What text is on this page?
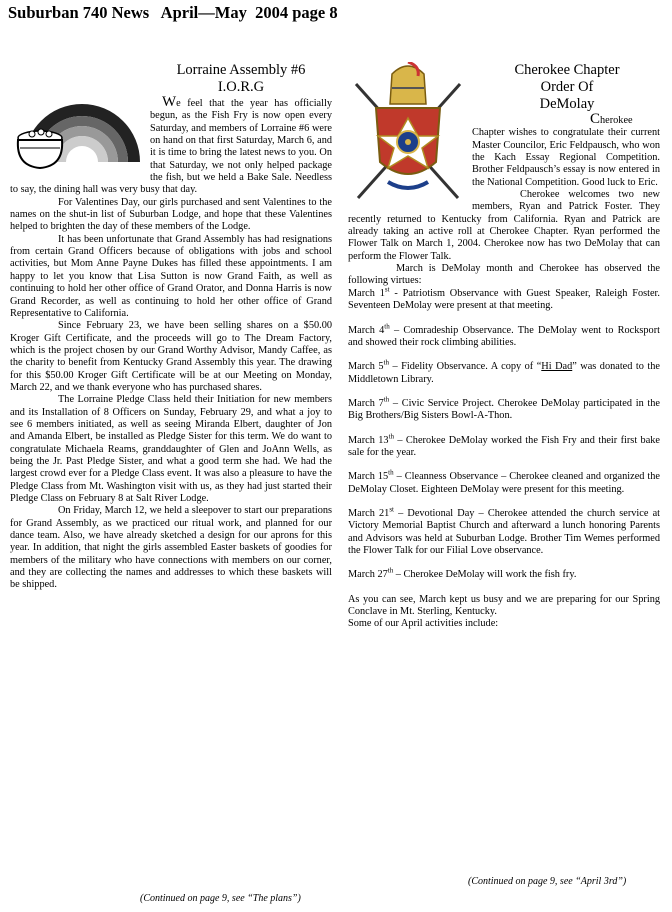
Suburban 740 News   April—May  2004 page 8
Lorraine Assembly #6
I.O.R.G

We feel that the year has officially begun, as the Fish Fry is now open every Saturday, and members of Lorraine #6 were on hand on that first Saturday, March 6, and it is time to bring the latest news to you. On that Saturday, we not only helped package the fish, but we held a Bake Sale. Needless to say, the dining hall was very busy that day.

For Valentines Day, our girls purchased and sent Valentines to the names on the shut-in list of Suburban Lodge, and hope that these Valentines helped to brighten the day of these members of the Lodge.

It has been unfortunate that Grand Assembly has had resignations from certain Grand Officers because of obligations with jobs and school activities, but Mom Anne Payne Dukes has filled these appointments. I am happy to let you know that Lisa Sutton is now Grand Faith, as well as continuing to hold her other office of Grand Orator, and Donna Harris is now Grand Recorder, as well as continuing to hold her other office of Grand Representative to California.

Since February 23, we have been selling shares on a $50.00 Kroger Gift Certificate, and the proceeds will go to The Dream Factory, which is the project chosen by our Grand Worthy Advisor, Mandy Caffee, as the charity to benefit from Kentucky Grand Assembly this year. The drawing for this $50.00 Kroger Gift Certificate will be at our Meeting on Monday, March 22, and we thank everyone who has purchased shares.

The Lorraine Pledge Class held their Initiation for new members and its Installation of 8 Officers on Sunday, February 29, and what a joy to see 6 members initiated, as well as seeing Miranda Elbert, daughter of Jon and Amanda Elbert, be installed as Pledge Sister for this term. We do want to congratulate Michaela Reams, granddaughter of Glen and JoAnn Wells, as being the Jr. Past Pledge Sister, and what a good term she had. We had the largest crowd ever for a Pledge Class event. It was also a pleasure to have the Pledge Class from Mt. Washington visit with us, as they had just started their Pledge Class on February 8 at Salt River Lodge.

On Friday, March 12, we held a sleepover to start our preparations for Grand Assembly, as we practiced our ritual work, and planned for our dance team. Also, we have already sketched a design for our aprons for this year. In addition, that night the girls assembled Easter baskets of goodies for members of the military who have connections with members on our corner, and they are collecting the names and addresses to which these baskets will be shipped.

(Continued on page 9, see “The plans”)
Cherokee Chapter
Order Of
DeMolay

Cherokee Chapter wishes to congratulate their current Master Councilor, Eric Feldpausch, who won the Kach Essay Regional Competition. Brother Feldpausch’s essay is now entered in the National Competition. Good luck to Eric.

Cherokee welcomes two new members, Ryan and Patrick Foster. They recently returned to Kentucky from California. Ryan and Patrick are already taking an active roll at Cherokee Chapter. Ryan performed the Flower Talk on March 1, 2004. Cherokee now has two DeMolay that can perform the Flower Talk.

March is DeMolay month and Cherokee has observed the following virtues:

March 1st - Patriotism Observance with Guest Speaker, Raleigh Foster. Seventeen DeMolay were present at that meeting.

March 4th – Comradeship Observance. The DeMolay went to Rocksport and showed their rock climbing abilities.

March 5th – Fidelity Observance. A copy of “Hi Dad” was donated to the Middletown Library.

March 7th – Civic Service Project. Cherokee DeMolay participated in the Big Brothers/Big Sisters Bowl-A-Thon.

March 13th – Cherokee DeMolay worked the Fish Fry and their first bake sale for the year.

March 15th – Cleanness Observance – Cherokee cleaned and organized the DeMolay Closet. Eighteen DeMolay were present for this meeting.

March 21st – Devotional Day – Cherokee attended the church service at Victory Memorial Baptist Church and afterward a lunch honoring Parents and Advisors was held at Suburban Lodge. Brother Tim Wemes performed the Flower Talk for our Filial Love observance.

March 27th – Cherokee DeMolay will work the fish fry.

As you can see, March kept us busy and we are preparing for our Spring Conclave in Mt. Sterling, Kentucky.

Some of our April activities include:

(Continued on page 9, see “April 3rd”)
